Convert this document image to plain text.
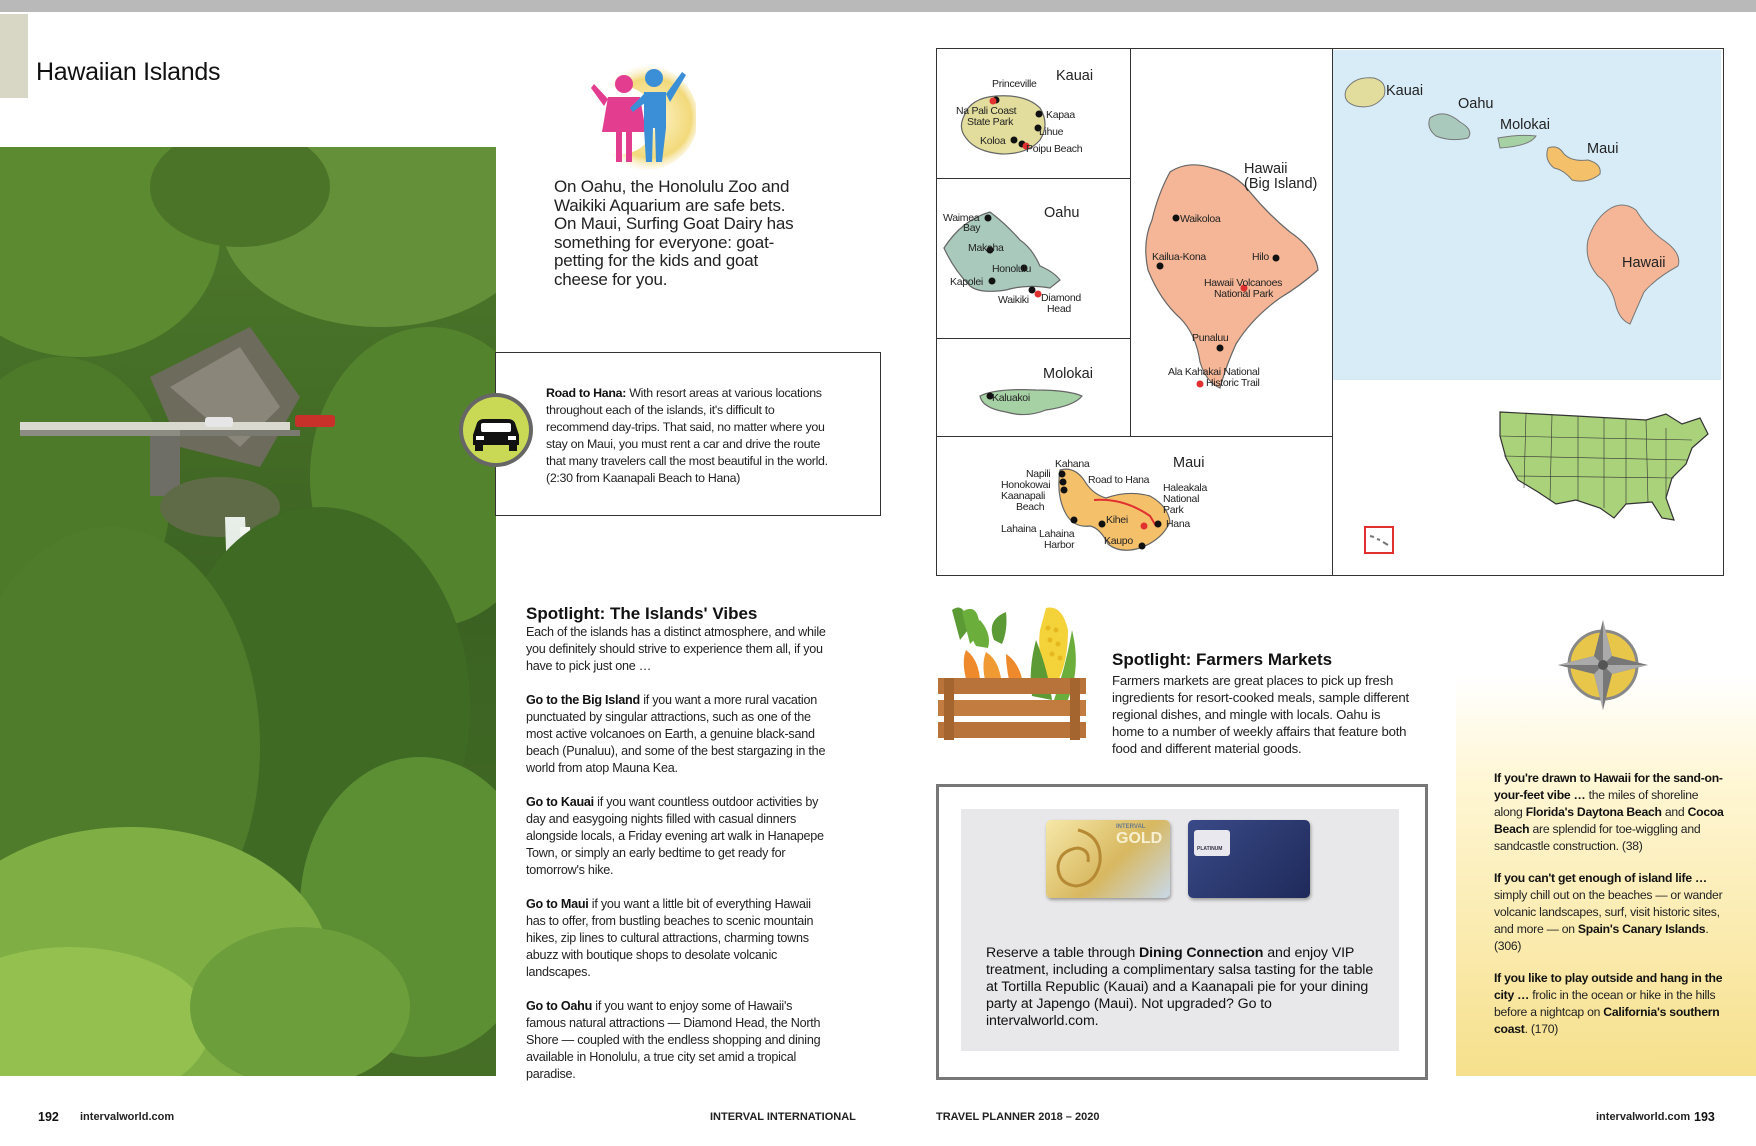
Hawaiian Islands
On Oahu, the Honolulu Zoo and Waikiki Aquarium are safe bets. On Maui, Surfing Goat Dairy has something for everyone: goat-petting for the kids and goat cheese for you.
Road to Hana: With resort areas at various locations throughout each of the islands, it's difficult to recommend day-trips. That said, no matter where you stay on Maui, you must rent a car and drive the route that many travelers call the most beautiful in the world. (2:30 from Kaanapali Beach to Hana)
Spotlight: The Islands' Vibes

Each of the islands has a distinct atmosphere, and while you definitely should strive to experience them all, if you have to pick just one …

Go to the Big Island if you want a more rural vacation punctuated by singular attractions, such as one of the most active volcanoes on Earth, a genuine black-sand beach (Punaluu), and some of the best stargazing in the world from atop Mauna Kea.

Go to Kauai if you want countless outdoor activities by day and easygoing nights filled with casual dinners alongside locals, a Friday evening art walk in Hanapepe Town, or simply an early bedtime to get ready for tomorrow's hike.

Go to Maui if you want a little bit of everything Hawaii has to offer, from bustling beaches to scenic mountain hikes, zip lines to cultural attractions, charming towns abuzz with boutique shops to desolate volcanic landscapes.

Go to Oahu if you want to enjoy some of Hawaii's famous natural attractions — Diamond Head, the North Shore — coupled with the endless shopping and dining available in Honolulu, a true city set amid a tropical paradise.

Kauai
Princeville
Na Pali Coast
State Park
Kapaa
Lihue
Koloa
Poipu Beach
Oahu
Waimea
Bay
Makaha
Honolulu
Kapolei
Waikiki Diamond
Head
Molokai
Kaluakoi
Hawaii
(Big Island)
Waikoloa
Kailua-Kona	Hilo
Hawaii Volcanoes
National Park
Punaluu
Ala Kahakai National
Historic Trail
Maui
Kahana
Napili
Honokowai
Kaanapali
Beach
Road to Hana
Haleakala
National
Park
Kihei	Hana
Lahaina Lahaina
Harbor	Kaupo
Kauai
Oahu
Molokai
Maui
Hawaii
Spotlight: Farmers Markets
Farmers markets are great places to pick up fresh ingredients for resort-cooked meals, sample different regional dishes, and mingle with locals. Oahu is home to a number of weekly affairs that feature both food and different material goods.
INTERVAL
GOLD
PLATINUM
Reserve a table through Dining Connection and enjoy VIP treatment, including a complimentary salsa tasting for the table at Tortilla Republic (Kauai) and a Kaanapali pie for your dining party at Japengo (Maui). Not upgraded? Go to intervalworld.com.

If you're drawn to Hawaii for the sand-on-your-feet vibe … the miles of shoreline along Florida's Daytona Beach and Cocoa Beach are splendid for toe-wiggling and sandcastle construction. (38)

If you can't get enough of island life … simply chill out on the beaches — or wander volcanic landscapes, surf, visit historic sites, and more — on Spain's Canary Islands. (306)

If you like to play outside and hang in the city … frolic in the ocean or hike in the hills before a nightcap on California's southern coast. (170)

192 intervalworld.com	INTERVAL INTERNATIONAL	TRAVEL PLANNER 2018 – 2020	intervalworld.com 193
